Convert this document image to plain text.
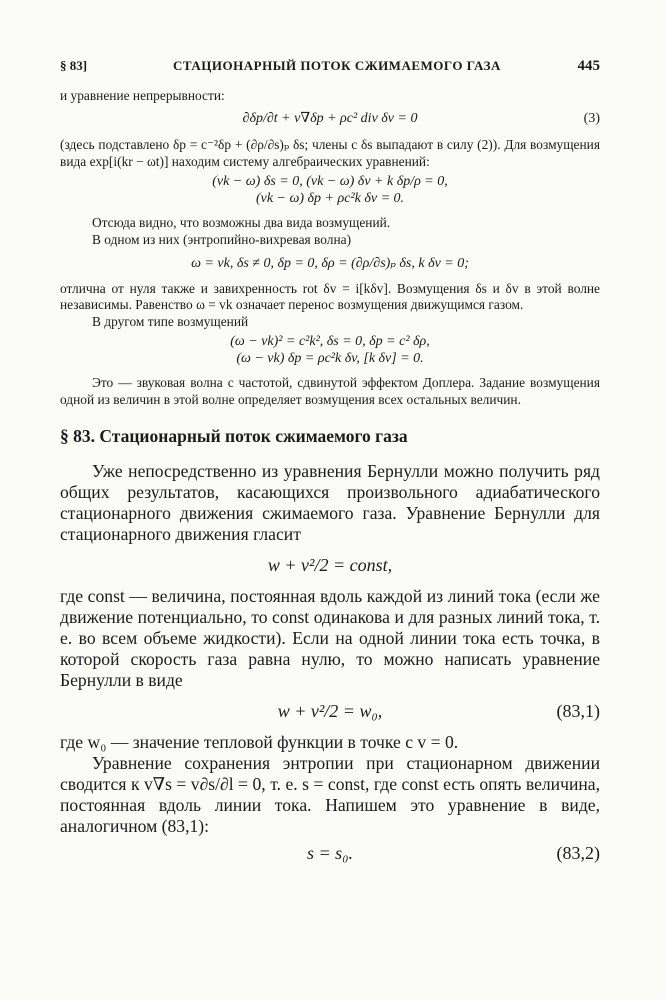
§ 83]	СТАЦИОНАРНЫЙ ПОТОК СЖИМАЕМОГО ГАЗА	445

и уравнение непрерывности:

∂δp/∂t + v∇δp + ρc² div δv = 0	(3)

(здесь подставлено δp = c⁻²δp + (∂ρ/∂s)ₚ δs; члены с δs выпадают в силу (2)). Для возмущения вида exp[i(kr − ωt)] находим систему алгебраических уравнений:

(vk − ω) δs = 0, (vk − ω) δv + k δp/ρ = 0,
(vk − ω) δp + ρc²k δv = 0.

Отсюда видно, что возможны два вида возмущений.

В одном из них (энтропийно-вихревая волна)

ω = vk, δs ≠ 0, δp = 0, δρ = (∂ρ/∂s)ₚ δs, k δv = 0;

отлична от нуля также и завихренность rot δv = i[kδv]. Возмущения δs и δv в этой волне независимы. Равенство ω = vk означает перенос возмущения движущимся газом.

В другом типе возмущений

(ω − vk)² = c²k², δs = 0, δp = c² δρ,
(ω − vk) δp = ρc²k δv, [k δv] = 0.

Это — звуковая волна с частотой, сдвинутой эффектом Доплера. Задание возмущения одной из величин в этой волне определяет возмущения всех остальных величин.

§ 83. Стационарный поток сжимаемого газа

Уже непосредственно из уравнения Бернулли можно получить ряд общих результатов, касающихся произвольного адиабатического стационарного движения сжимаемого газа. Уравнение Бернулли для стационарного движения гласит

w + v²/2 = const,

где const — величина, постоянная вдоль каждой из линий тока (если же движение потенциально, то const одинакова и для разных линий тока, т. е. во всем объеме жидкости). Если на одной линии тока есть точка, в которой скорость газа равна нулю, то можно написать уравнение Бернулли в виде

w + v²/2 = w₀,	(83,1)

где w₀ — значение тепловой функции в точке с v = 0.

Уравнение сохранения энтропии при стационарном движении сводится к v∇s = v∂s/∂l = 0, т. е. s = const, где const есть опять величина, постоянная вдоль линии тока. Напишем это уравнение в виде, аналогичном (83,1):

s = s₀.	(83,2)
